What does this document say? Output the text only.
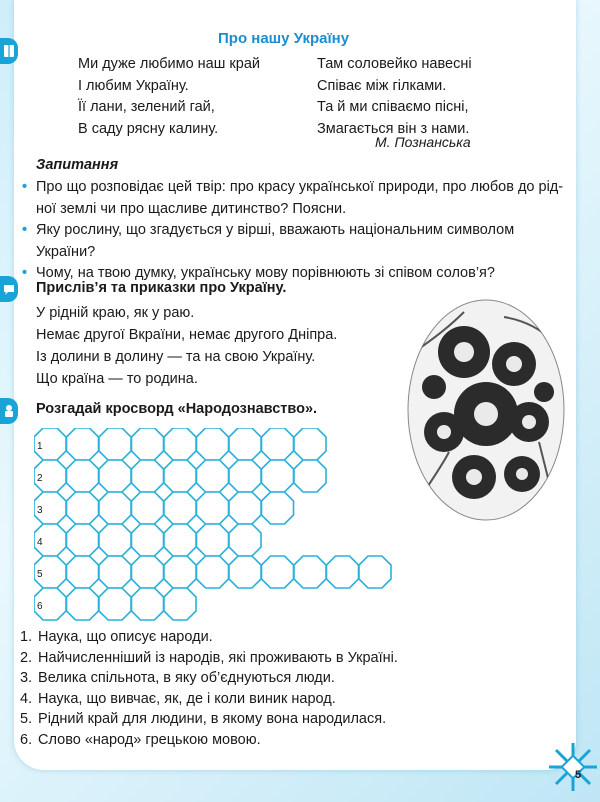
Про нашу Україну
Ми дуже любимо наш край
І любим Україну.
Її лани, зелений гай,
В саду рясну калину.
Там соловейко навесні
Співає між гілками.
Та й ми співаємо пісні,
Змагається він з нами.
М. Познанська
Запитання
• Про що розповідає цей твір: про красу української природи, про любов до рід-
ної землі чи про щасливе дитинство? Поясни.
• Яку рослину, що згадується у вірші, вважають національним символом України?
• Чому, на твою думку, українську мову порівнюють зі співом солов’я?
Прислів’я та приказки про Україну.
У рідній краю, як у раю.
Немає другої Вкраїни, немає другого Дніпра.
Із долини в долину — та на свою Україну.
Що країна — то родина.
Розгадай кросворд «Народознавство».
1
2
3
4
5
6
1. Наука, що описує народи.
2. Найчисленніший із народів, які проживають в Україні.
3. Велика спільнота, в яку об’єднуються люди.
4. Наука, що вивчає, як, де і коли виник народ.
5. Рідний край для людини, в якому вона народилася.
6. Слово «народ» грецькою мовою.
5
